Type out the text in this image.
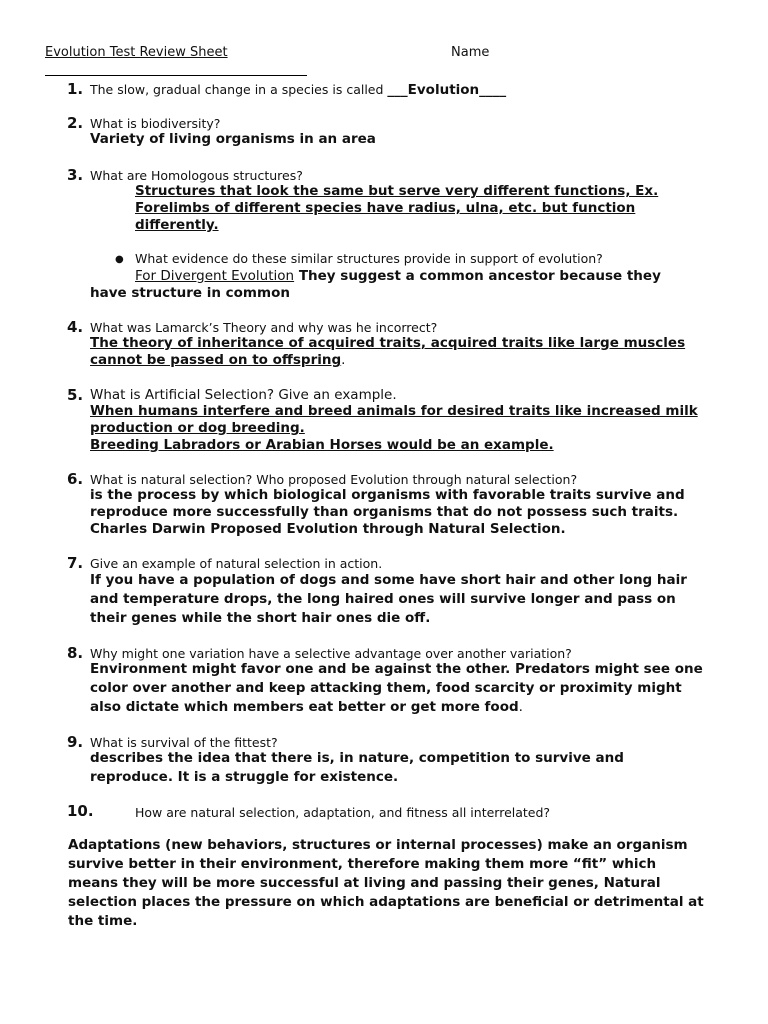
Evolution Test Review Sheet	Name
1. The slow, gradual change in a species is called ___Evolution____
2. What is biodiversity?
Variety of living organisms in an area
3. What are Homologous structures?
Structures that look the same but serve very different functions, Ex.
Forelimbs of different species have radius, ulna, etc. but function
differently.
● What evidence do these similar structures provide in support of evolution?
For Divergent Evolution They suggest a common ancestor because they
have structure in common
4. What was Lamarck’s Theory and why was he incorrect?
The theory of inheritance of acquired traits, acquired traits like large muscles
cannot be passed on to offspring.
5. What is Artificial Selection? Give an example.
When humans interfere and breed animals for desired traits like increased milk
production or dog breeding.
Breeding Labradors or Arabian Horses would be an example.
6. What is natural selection? Who proposed Evolution through natural selection?
is the process by which biological organisms with favorable traits survive and
reproduce more successfully than organisms that do not possess such traits.
Charles Darwin Proposed Evolution through Natural Selection.
7. Give an example of natural selection in action.
If you have a population of dogs and some have short hair and other long hair
and temperature drops, the long haired ones will survive longer and pass on
their genes while the short hair ones die off.
8. Why might one variation have a selective advantage over another variation?
Environment might favor one and be against the other. Predators might see one
color over another and keep attacking them, food scarcity or proximity might
also dictate which members eat better or get more food.
9. What is survival of the fittest?
describes the idea that there is, in nature, competition to survive and
reproduce. It is a struggle for existence.
10.	How are natural selection, adaptation, and fitness all interrelated?
Adaptations (new behaviors, structures or internal processes) make an organism
survive better in their environment, therefore making them more “fit” which
means they will be more successful at living and passing their genes, Natural
selection places the pressure on which adaptations are beneficial or detrimental at
the time.
